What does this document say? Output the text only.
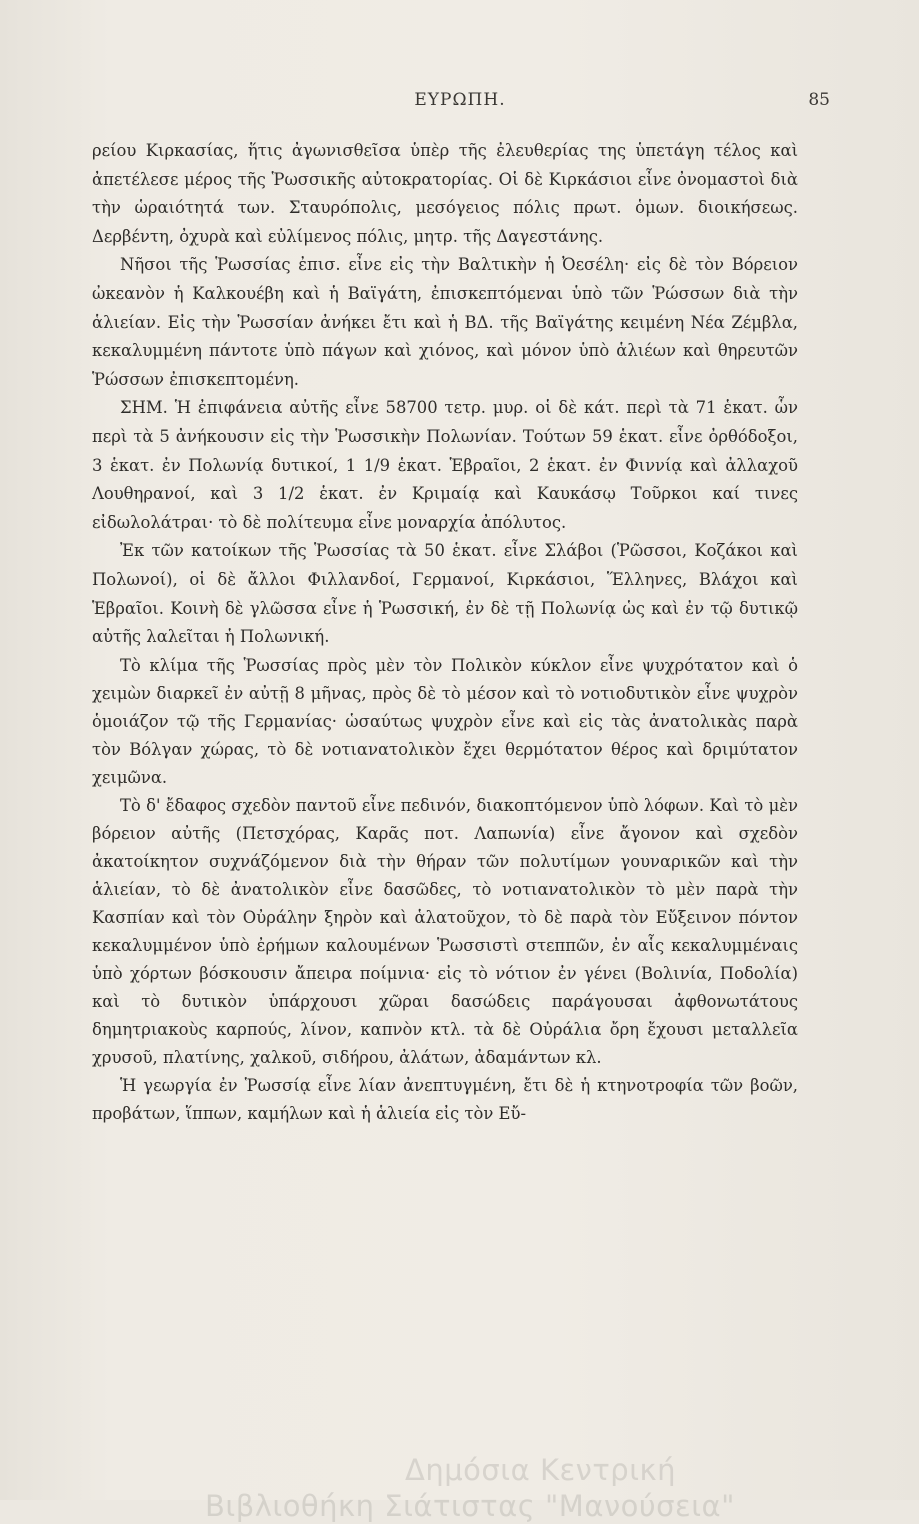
ΕΥΡΩΠΗ.	85

ρείου Κιρκασίας, ἥτις ἀγωνισθεῖσα ὑπὲρ τῆς ἐλευθερίας της ὑπετάγη τέλος καὶ ἀπετέλεσε μέρος τῆς Ῥωσσικῆς αὐτοκρατορίας. Οἱ δὲ Κιρκάσιοι εἶνε ὀνομαστοὶ διὰ τὴν ὡραιότητά των. Σταυρόπολις, μεσόγειος πόλις πρωτ. ὁμων. διοικήσεως. Δερβέντη, ὀχυρὰ καὶ εὐλίμενος πόλις, μητρ. τῆς Δαγεστάνης.

Νῆσοι τῆς Ῥωσσίας ἐπισ. εἶνε εἰς τὴν Βαλτικὴν ἡ Ὀεσέλη· εἰς δὲ τὸν Βόρειον ὠκεανὸν ἡ Καλκουέβη καὶ ἡ Βαϊγάτη, ἐπισκεπτόμεναι ὑπὸ τῶν Ῥώσσων διὰ τὴν ἁλιείαν. Εἰς τὴν Ῥωσσίαν ἀνήκει ἔτι καὶ ἡ ΒΔ. τῆς Βαϊγάτης κειμένη Νέα Ζέμβλα, κεκαλυμμένη πάντοτε ὑπὸ πάγων καὶ χιόνος, καὶ μόνον ὑπὸ ἁλιέων καὶ θηρευτῶν Ῥώσσων ἐπισκεπτομένη.

ΣΗΜ. Ἡ ἐπιφάνεια αὐτῆς εἶνε 58700 τετρ. μυρ. οἱ δὲ κάτ. περὶ τὰ 71 ἑκατ. ὧν περὶ τὰ 5 ἀνήκουσιν εἰς τὴν Ῥωσσικὴν Πολωνίαν. Τούτων 59 ἑκατ. εἶνε ὀρθόδοξοι, 3 ἑκατ. ἐν Πολωνίᾳ δυτικοί, 1 1/9 ἑκατ. Ἑβραῖοι, 2 ἑκατ. ἐν Φιννίᾳ καὶ ἀλλαχοῦ Λουθηρανοί, καὶ 3 1/2 ἑκατ. ἐν Κριμαίᾳ καὶ Καυκάσῳ Τοῦρκοι καί τινες εἰδωλολάτραι· τὸ δὲ πολίτευμα εἶνε μοναρχία ἀπόλυτος.

Ἐκ τῶν κατοίκων τῆς Ῥωσσίας τὰ 50 ἑκατ. εἶνε Σλάβοι (Ῥῶσσοι, Κοζάκοι καὶ Πολωνοί), οἱ δὲ ἄλλοι Φιλλανδοί, Γερμανοί, Κιρκάσιοι, Ἕλληνες, Βλάχοι καὶ Ἑβραῖοι. Κοινὴ δὲ γλῶσσα εἶνε ἡ Ῥωσσική, ἐν δὲ τῇ Πολωνίᾳ ὡς καὶ ἐν τῷ δυτικῷ αὐτῆς λαλεῖται ἡ Πολωνική.

Τὸ κλίμα τῆς Ῥωσσίας πρὸς μὲν τὸν Πολικὸν κύκλον εἶνε ψυχρότατον καὶ ὁ χειμὼν διαρκεῖ ἐν αὐτῇ 8 μῆνας, πρὸς δὲ τὸ μέσον καὶ τὸ νοτιοδυτικὸν εἶνε ψυχρὸν ὁμοιάζον τῷ τῆς Γερμανίας· ὡσαύτως ψυχρὸν εἶνε καὶ εἰς τὰς ἀνατολικὰς παρὰ τὸν Βόλγαν χώρας, τὸ δὲ νοτιανατολικὸν ἔχει θερμότατον θέρος καὶ δριμύτατον χειμῶνα.

Τὸ δ' ἔδαφος σχεδὸν παντοῦ εἶνε πεδινόν, διακοπτόμενον ὑπὸ λόφων. Καὶ τὸ μὲν βόρειον αὐτῆς (Πετσχόρας, Καρᾶς ποτ. Λαπωνία) εἶνε ἄγονον καὶ σχεδὸν ἀκατοίκητον συχνάζόμενον διὰ τὴν θήραν τῶν πολυτίμων γουναρικῶν καὶ τὴν ἁλιείαν, τὸ δὲ ἀνατολικὸν εἶνε δασῶδες, τὸ νοτιανατολικὸν τὸ μὲν παρὰ τὴν Κασπίαν καὶ τὸν Οὐράλην ξηρὸν καὶ ἁλατοῦχον, τὸ δὲ παρὰ τὸν Εὔξεινον πόντον κεκαλυμμένον ὑπὸ ἐρήμων καλουμένων Ῥωσσιστὶ στεππῶν, ἐν αἷς κεκαλυμμέναις ὑπὸ χόρτων βόσκουσιν ἄπειρα ποίμνια· εἰς τὸ νότιον ἐν γένει (Βολινία, Ποδολία) καὶ τὸ δυτικὸν ὑπάρχουσι χῶραι δασώδεις παράγουσαι ἀφθονωτάτους δημητριακοὺς καρπούς, λίνον, καπνὸν κτλ. τὰ δὲ Οὐράλια ὄρη ἔχουσι μεταλλεῖα χρυσοῦ, πλατίνης, χαλκοῦ, σιδήρου, ἀλάτων, ἀδαμάντων κλ.

Ἡ γεωργία ἐν Ῥωσσίᾳ εἶνε λίαν ἀνεπτυγμένη, ἔτι δὲ ἡ κτηνοτροφία τῶν βοῶν, προβάτων, ἵππων, καμήλων καὶ ἡ ἁλιεία εἰς τὸν Εὔ-

Δημόσια Κεντρική
Βιβλιοθήκη Σιάτιστας "Μανούσεια"
